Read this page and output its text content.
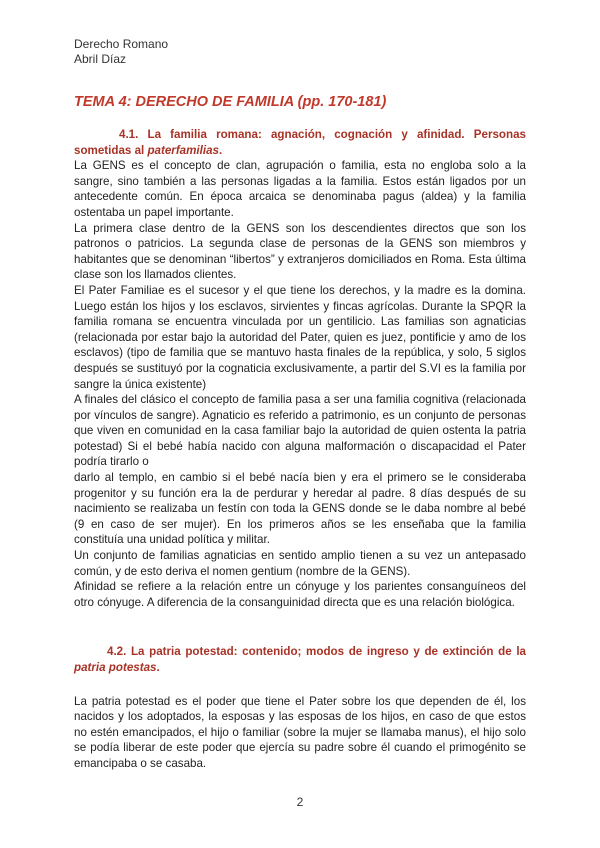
Derecho Romano
Abril Díaz
TEMA 4: DERECHO DE FAMILIA (pp. 170-181)
4.1. La familia romana: agnación, cognación y afinidad. Personas sometidas al paterfamilias.

La GENS es el concepto de clan, agrupación o familia, esta no engloba solo a la sangre, sino también a las personas ligadas a la familia. Estos están ligados por un antecedente común. En época arcaica se denominaba pagus (aldea) y la familia ostentaba un papel importante.

La primera clase dentro de la GENS son los descendientes directos que son los patronos o patricios. La segunda clase de personas de la GENS son miembros y habitantes que se denominan “libertos” y extranjeros domiciliados en Roma. Esta última clase son los llamados clientes.

El Pater Familiae es el sucesor y el que tiene los derechos, y la madre es la domina. Luego están los hijos y los esclavos, sirvientes y fincas agrícolas. Durante la SPQR la familia romana se encuentra vinculada por un gentilicio. Las familias son agnaticias (relacionada por estar bajo la autoridad del Pater, quien es juez, pontificie y amo de los esclavos) (tipo de familia que se mantuvo hasta finales de la república, y solo, 5 siglos después se sustituyó por la cognaticia exclusivamente, a partir del S.VI es la familia por sangre la única existente)

A finales del clásico el concepto de familia pasa a ser una familia cognitiva (relacionada por vínculos de sangre). Agnaticio es referido a patrimonio, es un conjunto de personas que viven en comunidad en la casa familiar bajo la autoridad de quien ostenta la patria potestad) Si el bebé había nacido con alguna malformación o discapacidad el Pater podría tirarlo o

darlo al templo, en cambio si el bebé nacía bien y era el primero se le consideraba progenitor y su función era la de perdurar y heredar al padre. 8 días después de su nacimiento se realizaba un festín con toda la GENS donde se le daba nombre al bebé (9 en caso de ser mujer). En los primeros años se les enseñaba que la familia constituía una unidad política y militar.

Un conjunto de familias agnaticias en sentido amplio tienen a su vez un antepasado común, y de esto deriva el nomen gentium (nombre de la GENS).

Afinidad se refiere a la relación entre un cónyuge y los parientes consanguíneos del otro cónyuge. A diferencia de la consanguinidad directa que es una relación biológica.

4.2. La patria potestad: contenido; modos de ingreso y de extinción de la patria potestas.

La patria potestad es el poder que tiene el Pater sobre los que dependen de él, los nacidos y los adoptados, la esposas y las esposas de los hijos, en caso de que estos no estén emancipados, el hijo o familiar (sobre la mujer se llamaba manus), el hijo solo se podía liberar de este poder que ejercía su padre sobre él cuando el primogénito se emancipaba o se casaba.

2
